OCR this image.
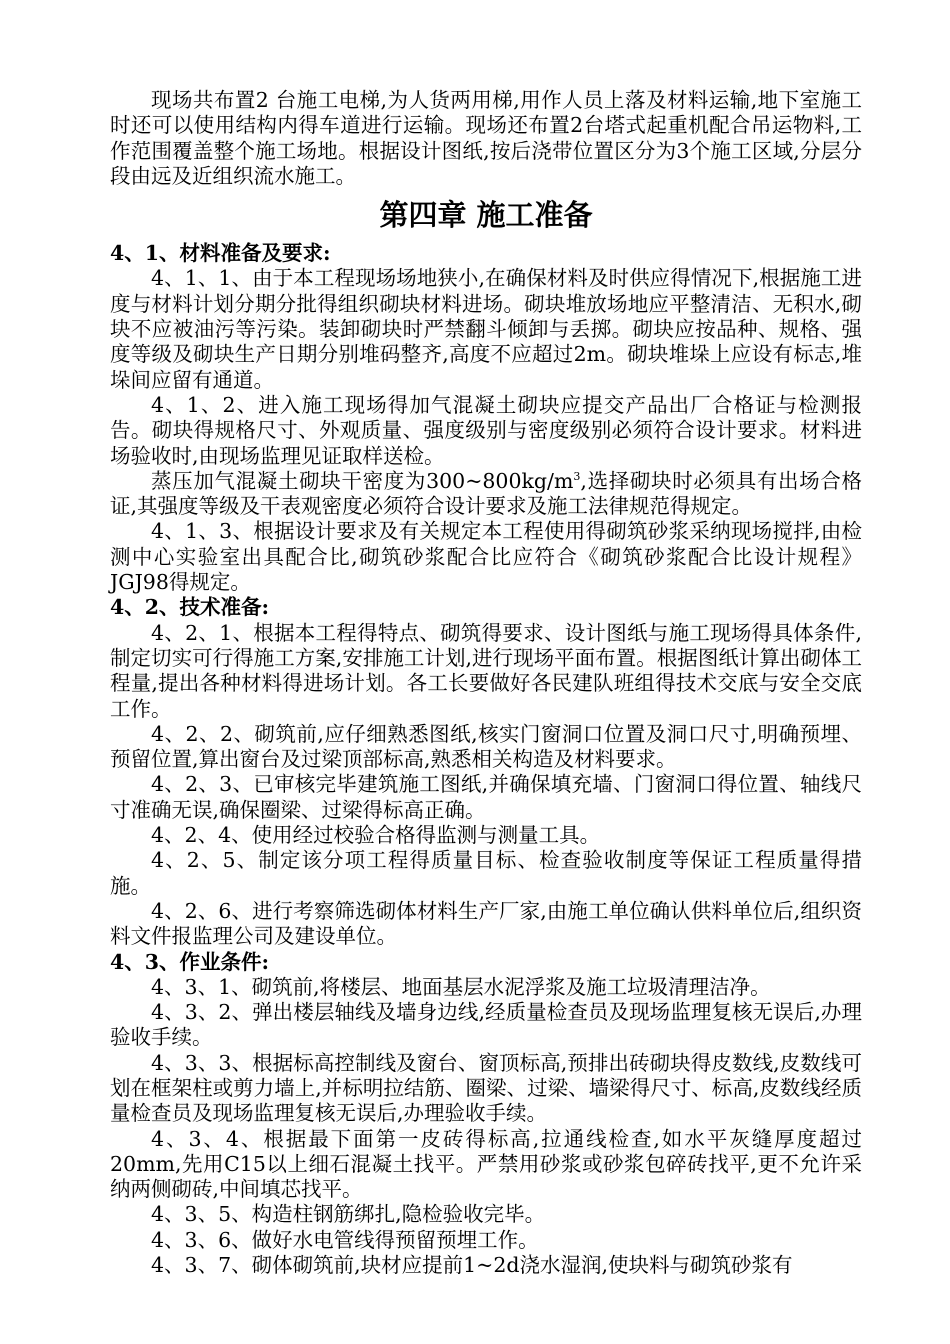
现场共布置2 台施工电梯,为人货两用梯,用作人员上落及材料运输,地下室施工时还可以使用结构内得车道进行运输。现场还布置2台塔式起重机配合吊运物料,工作范围覆盖整个施工场地。根据设计图纸,按后浇带位置区分为3个施工区域,分层分段由远及近组织流水施工。

第四章 施工准备

4、1、材料准备及要求:

4、1、1、由于本工程现场场地狭小,在确保材料及时供应得情况下,根据施工进度与材料计划分期分批得组织砌块材料进场。砌块堆放场地应平整清洁、无积水,砌块不应被油污等污染。装卸砌块时严禁翻斗倾卸与丢掷。砌块应按品种、规格、强度等级及砌块生产日期分别堆码整齐,高度不应超过2m。砌块堆垛上应设有标志,堆垛间应留有通道。

4、1、2、进入施工现场得加气混凝土砌块应提交产品出厂合格证与检测报告。砌块得规格尺寸、外观质量、强度级别与密度级别必须符合设计要求。材料进场验收时,由现场监理见证取样送检。

蒸压加气混凝土砌块干密度为$300\sim 800kg/m^3$,选择砌块时必须具有出场合格证,其强度等级及干表观密度必须符合设计要求及施工法律规范得规定。

4、1、3、根据设计要求及有关规定本工程使用得砌筑砂浆采纳现场搅拌,由检测中心实验室出具配合比,砌筑砂浆配合比应符合《砌筑砂浆配合比设计规程》JGJ98得规定。

4、2、技术准备:

4、2、1、根据本工程得特点、砌筑得要求、设计图纸与施工现场得具体条件,制定切实可行得施工方案,安排施工计划,进行现场平面布置。根据图纸计算出砌体工程量,提出各种材料得进场计划。各工长要做好各民建队班组得技术交底与安全交底工作。

4、2、2、砌筑前,应仔细熟悉图纸,核实门窗洞口位置及洞口尺寸,明确预埋、预留位置,算出窗台及过梁顶部标高,熟悉相关构造及材料要求。

4、2、3、已审核完毕建筑施工图纸,并确保填充墙、门窗洞口得位置、轴线尺寸准确无误,确保圈梁、过梁得标高正确。

4、2、4、使用经过校验合格得监测与测量工具。

4、2、5、制定该分项工程得质量目标、检查验收制度等保证工程质量得措施。

4、2、6、进行考察筛选砌体材料生产厂家,由施工单位确认供料单位后,组织资料文件报监理公司及建设单位。

4、3、作业条件:

4、3、1、砌筑前,将楼层、地面基层水泥浮浆及施工垃圾清理洁净。

4、3、2、弹出楼层轴线及墙身边线,经质量检查员及现场监理复核无误后,办理验收手续。

4、3、3、根据标高控制线及窗台、窗顶标高,预排出砖砌块得皮数线,皮数线可划在框架柱或剪力墙上,并标明拉结筋、圈梁、过梁、墙梁得尺寸、标高,皮数线经质量检查员及现场监理复核无误后,办理验收手续。

4、3、4、根据最下面第一皮砖得标高,拉通线检查,如水平灰缝厚度超过20mm,先用C15以上细石混凝土找平。严禁用砂浆或砂浆包碎砖找平,更不允许采纳两侧砌砖,中间填芯找平。

4、3、5、构造柱钢筋绑扎,隐检验收完毕。

4、3、6、做好水电管线得预留预埋工作。

4、3、7、砌体砌筑前,块材应提前1~2d浇水湿润,使块料与砌筑砂浆有
